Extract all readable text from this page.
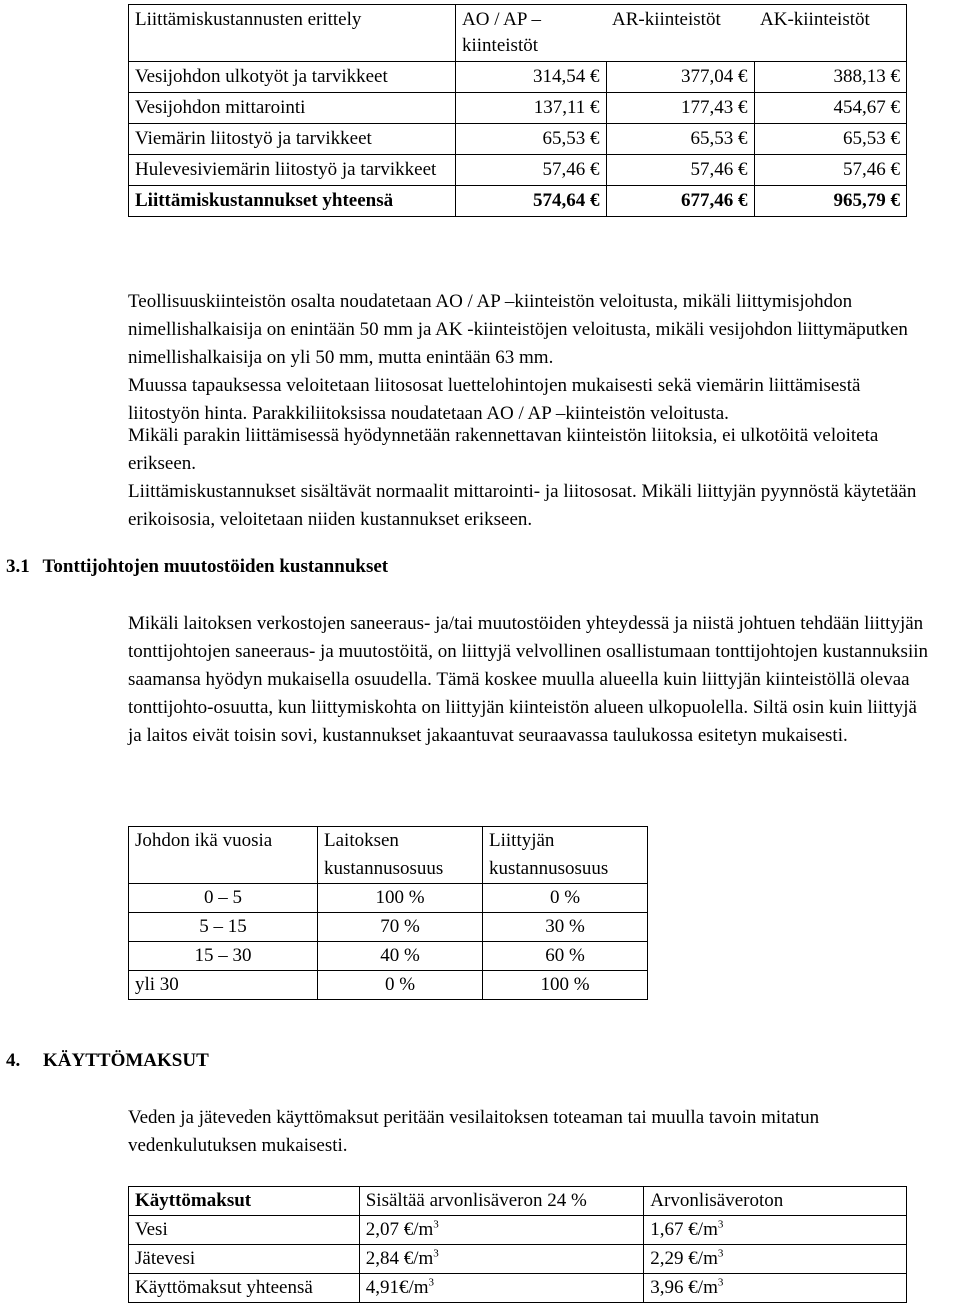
Liittämiskustannusten erittely	AO / AP – kiinteistöt	AR-kiinteistöt	AK-kiinteistöt
Vesijohdon ulkotyöt ja tarvikkeet	314,54 €	377,04 €	388,13 €
Vesijohdon mittarointi	137,11 €	177,43 €	454,67 €
Viemärin liitostyö ja tarvikkeet	65,53 €	65,53 €	65,53 €
Hulevesiviemärin liitostyö ja tarvikkeet	57,46 €	57,46 €	57,46 €
Liittämiskustannukset yhteensä	574,64 €	677,46 €	965,79 €

Teollisuuskiinteistön osalta noudatetaan AO / AP –kiinteistön veloitusta, mikäli liittymisjohdon nimellishalkaisija on enintään 50 mm ja AK -kiinteistöjen veloitusta, mikäli vesijohdon liittymäputken nimellishalkaisija on yli 50 mm, mutta enintään 63 mm.

Muussa tapauksessa veloitetaan liitososat luettelohintojen mukaisesti sekä viemärin liittämisestä liitostyön hinta. Parakkiliitoksissa noudatetaan AO / AP –kiinteistön veloitusta.

Mikäli parakin liittämisessä hyödynnetään rakennettavan kiinteistön liitoksia, ei ulkotöitä veloiteta erikseen.

Liittämiskustannukset sisältävät normaalit mittarointi- ja liitososat. Mikäli liittyjän pyynnöstä käytetään erikoisosia, veloitetaan niiden kustannukset erikseen.

3.1 Tonttijohtojen muutostöiden kustannukset

Mikäli laitoksen verkostojen saneeraus- ja/tai muutostöiden yhteydessä ja niistä johtuen tehdään liittyjän tonttijohtojen saneeraus- ja muutostöitä, on liittyjä velvollinen osallistumaan tonttijohtojen kustannuksiin saamansa hyödyn mukaisella osuudella. Tämä koskee muulla alueella kuin liittyjän kiinteistöllä olevaa tonttijohto-osuutta, kun liittymiskohta on liittyjän kiinteistön alueen ulkopuolella. Siltä osin kuin liittyjä ja laitos eivät toisin sovi, kustannukset jakaantuvat seuraavassa taulukossa esitetyn mukaisesti.

Johdon ikä vuosia	Laitoksen kustannusosuus	Liittyjän kustannusosuus
0 – 5	100 %	0 %
5 – 15	70 %	30 %
15 – 30	40 %	60 %
yli 30	0 %	100 %
4. KÄYTTÖMAKSUT

Veden ja jäteveden käyttömaksut peritään vesilaitoksen toteaman tai muulla tavoin mitatun vedenkulutuksen mukaisesti.

Käyttömaksut	Sisältää arvonlisäveron 24 %	Arvonlisäveroton
Vesi	2,07 $€/m^3$	1,67 $€/m^3$
Jätevesi	2,84 $€/m^3$	2,29 $€/m^3$
Käyttömaksut yhteensä	$4,91€/m^3$	3,96 $€/m^3$
